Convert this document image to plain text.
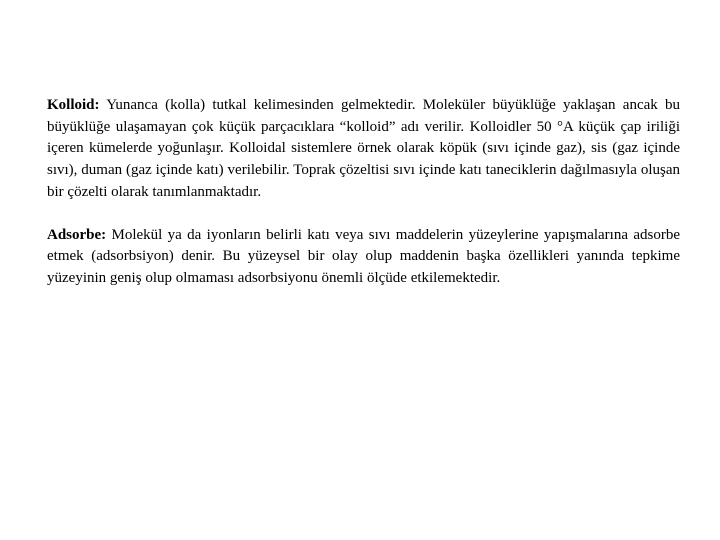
Kolloid: Yunanca (kolla) tutkal kelimesinden gelmektedir. Moleküler büyüklüğe yaklaşan ancak bu büyüklüğe ulaşamayan çok küçük parçacıklara “kolloid” adı verilir. Kolloidler 50 °A küçük çap iriliği içeren kümelerde yoğunlaşır. Kolloidal sistemlere örnek olarak köpük (sıvı içinde gaz), sis (gaz içinde sıvı), duman (gaz içinde katı) verilebilir. Toprak çözeltisi sıvı içinde katı taneciklerin dağılmasıyla oluşan bir çözelti olarak tanımlanmaktadır.

Adsorbe: Molekül ya da iyonların belirli katı veya sıvı maddelerin yüzeylerine yapışmalarına adsorbe etmek (adsorbsiyon) denir. Bu yüzeysel bir olay olup maddenin başka özellikleri yanında tepkime yüzeyinin geniş olup olmaması adsorbsiyonu önemli ölçüde etkilemektedir.
